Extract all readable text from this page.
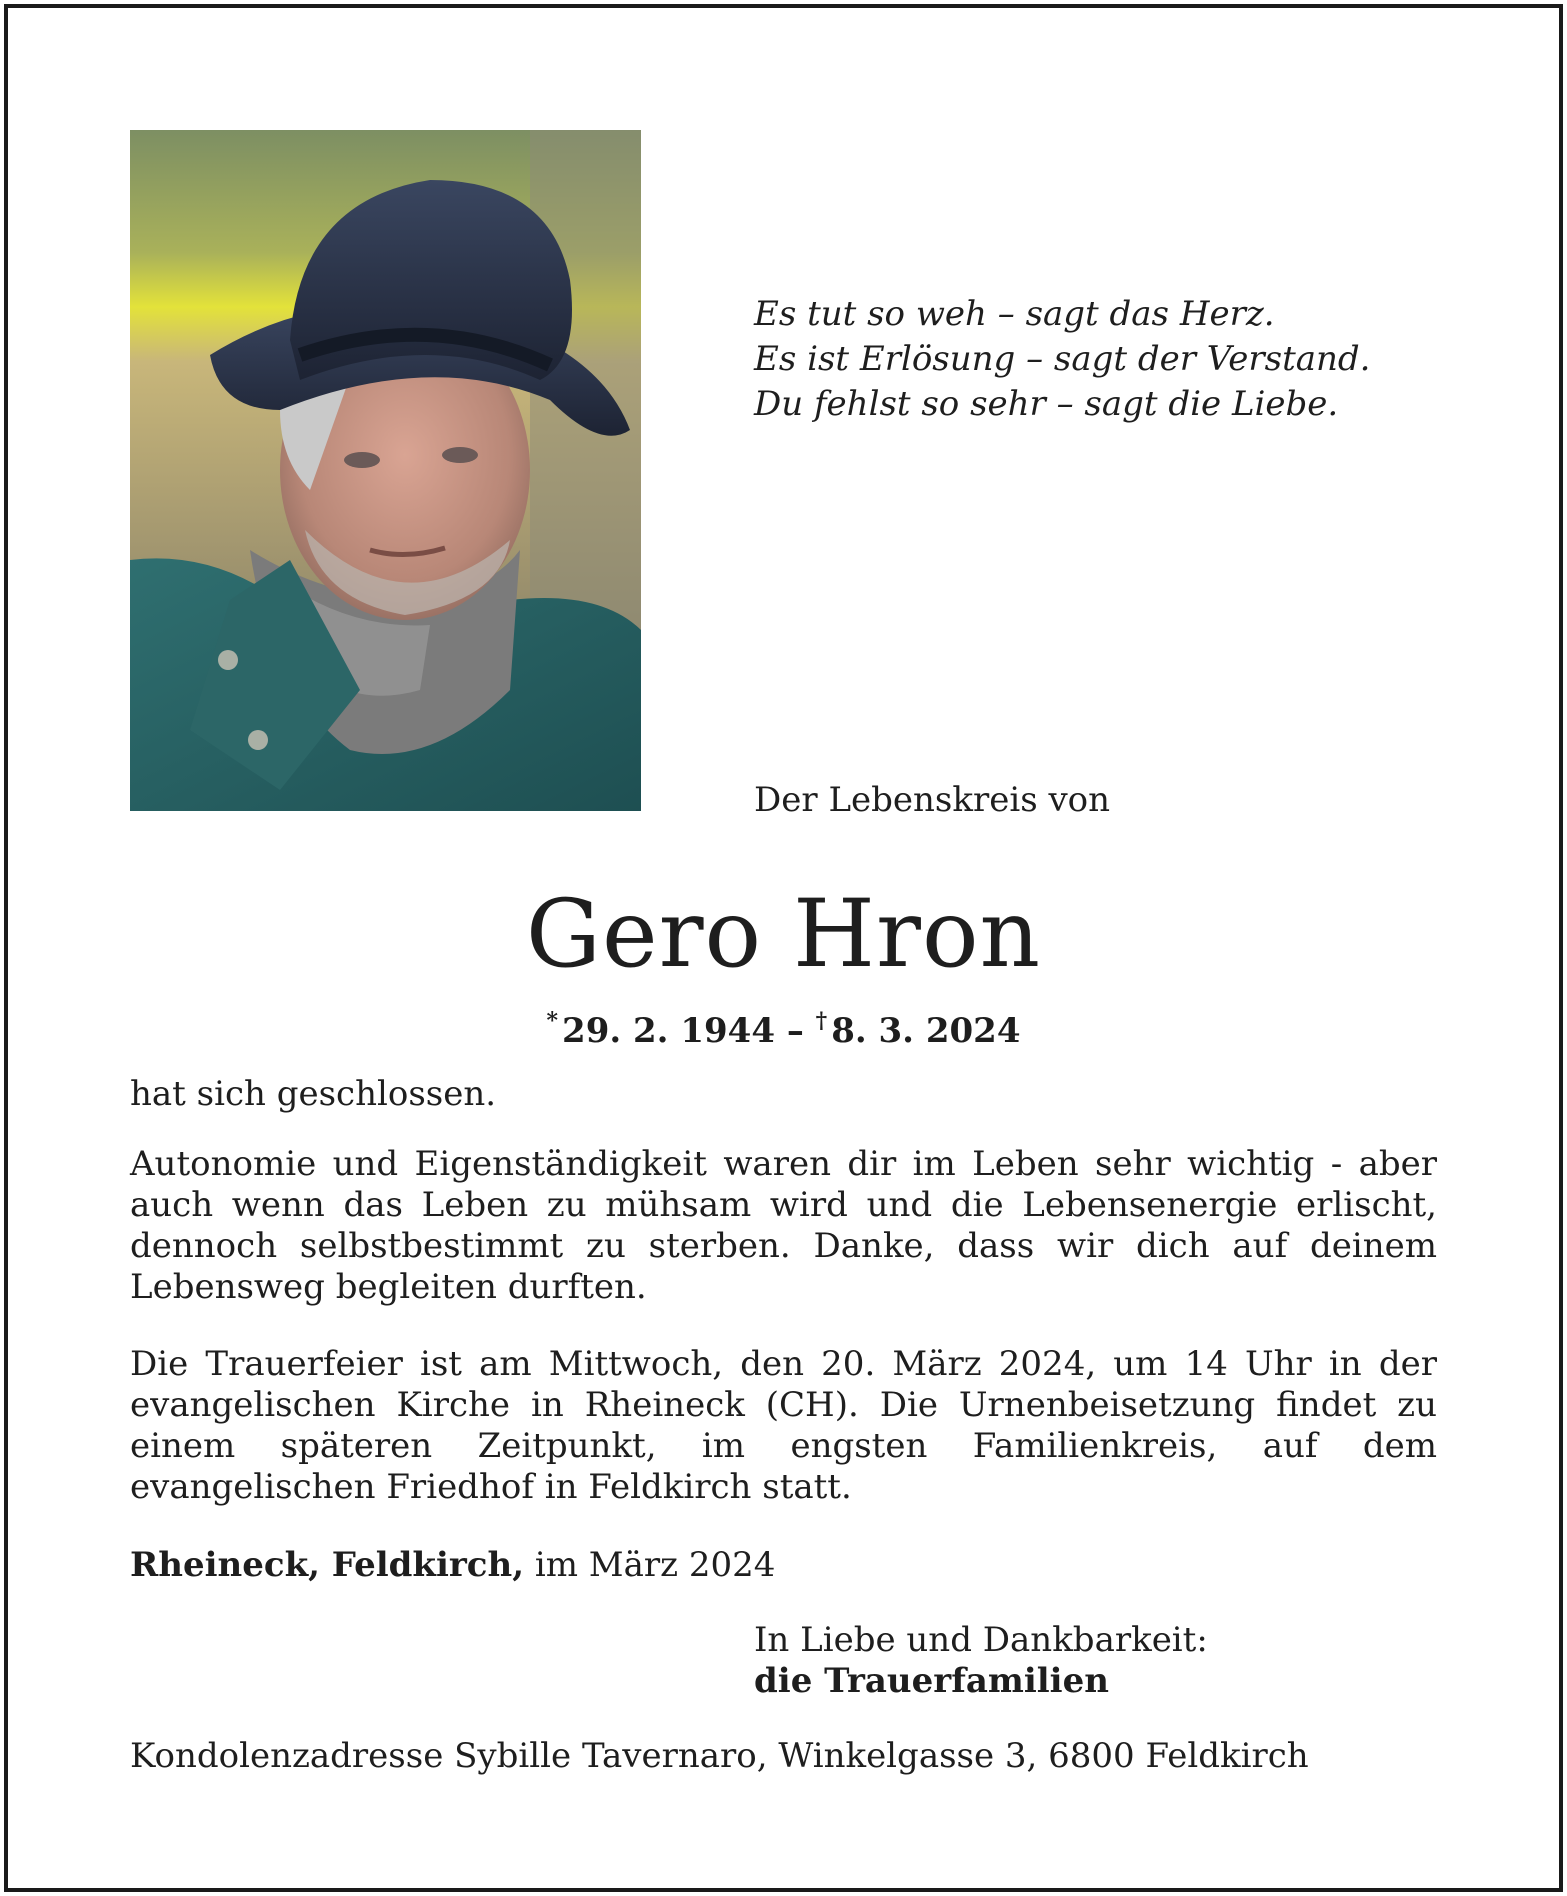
Es tut so weh – sagt das Herz.
Es ist Erlösung – sagt der Verstand.
Du fehlst so sehr – sagt die Liebe.
Der Lebenskreis von
Gero Hron
* 29. 2. 1944 – † 8. 3. 2024
hat sich geschlossen.
Autonomie und Eigenständigkeit waren dir im Leben sehr wichtig - aber auch wenn das Leben zu mühsam wird und die Lebensenergie erlischt, dennoch selbstbestimmt zu sterben. Danke, dass wir dich auf deinem Lebensweg begleiten durften.
Die Trauerfeier ist am Mittwoch, den 20. März 2024, um 14 Uhr in der evangelischen Kirche in Rheineck (CH). Die Urnenbeisetzung findet zu einem späteren Zeitpunkt, im engsten Familienkreis, auf dem evangelischen Friedhof in Feldkirch statt.
Rheineck, Feldkirch, im März 2024
In Liebe und Dankbarkeit:
die Trauerfamilien
Kondolenzadresse Sybille Tavernaro, Winkelgasse 3, 6800 Feldkirch
